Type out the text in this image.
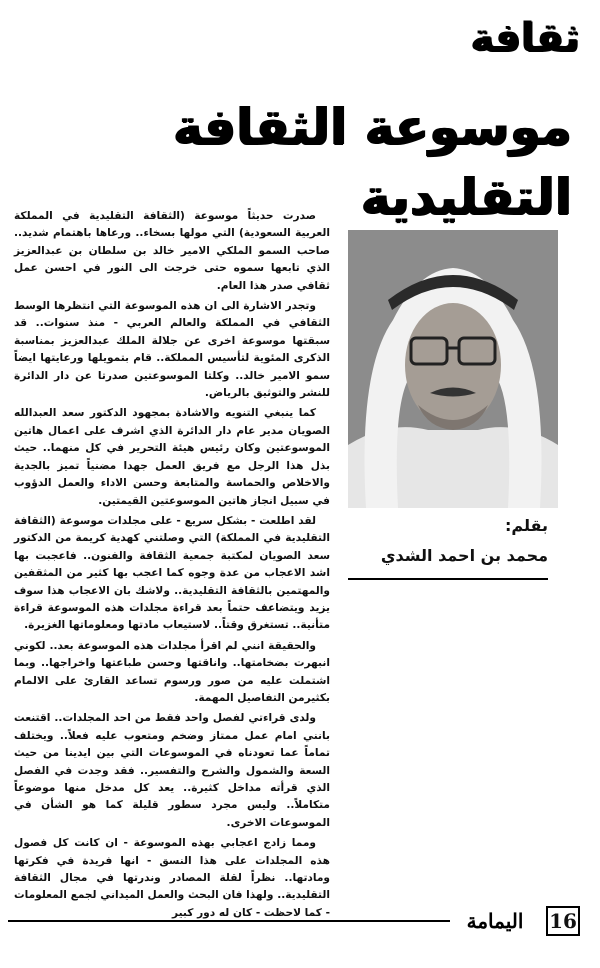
ثقافة
موسوعة الثقافة التقليدية
بقلم:
محمد بن احمد الشدي

صدرت حديثاً موسوعة (الثقافة التقليدية في المملكة العربية السعودية) التي مولها بسخاء.. ورعاها باهتمام شديد.. صاحب السمو الملكي الامير خالد بن سلطان بن عبدالعزيز الذي تابعها سموه حتى خرجت الى النور في احسن عمل ثقافي صدر هذا العام.

وتجدر الاشارة الى ان هذه الموسوعة التي انتظرها الوسط الثقافي في المملكة والعالم العربي - منذ سنوات.. قد سبقتها موسوعة اخرى عن جلالة الملك عبدالعزيز بمناسبة الذكرى المئوية لتأسيس المملكة.. قام بتمويلها ورعايتها ايضاً سمو الامير خالد.. وكلتا الموسوعتين صدرتا عن دار الدائرة للنشر والتوثيق بالرياض.

كما ينبغي التنويه والاشادة بمجهود الدكتور سعد العبدالله الصويان مدير عام دار الدائرة الذي اشرف على اعمال هاتين الموسوعتين وكان رئيس هيئة التحرير في كل منهما.. حيث بذل هذا الرجل مع فريق العمل جهدا مضنياً تميز بالجدية والاخلاص والحماسة والمتابعة وحسن الاداء والعمل الدؤوب في سبيل انجاز هاتين الموسوعتين القيمتين.

لقد اطلعت - بشكل سريع - على مجلدات موسوعة (الثقافة التقليدية في المملكة) التي وصلتني كهدية كريمة من الدكتور سعد الصويان لمكتبة جمعية الثقافة والفنون.. فاعجبت بها اشد الاعجاب من عدة وجوه كما اعجب بها كثير من المثقفين والمهتمين بالثقافة التقليدية.. ولاشك بان الاعجاب هذا سوف يزيد ويتضاعف حتماً بعد قراءة مجلدات هذه الموسوعة قراءة متأنية.. تستغرق وقتاً.. لاستيعاب مادتها ومعلوماتها الغزيرة.

والحقيقة انني لم اقرأ مجلدات هذه الموسوعة بعد.. لكوني انبهرت بضخامتها.. واناقتها وحسن طباعتها واخراجها.. وبما اشتملت عليه من صور ورسوم تساعد القارئ على الالمام بكثيرمن التفاصيل المهمة.

ولدى قراءتي لفصل واحد فقط من احد المجلدات.. اقتنعت بانني امام عمل ممتاز وضخم ومتعوب عليه فعلاً.. ويختلف تماماً عما تعودناه في الموسوعات التي بين ايدينا من حيث السعة والشمول والشرح والتفسير.. فقد وجدت في الفصل الذي قرأته مداخل كثيرة.. يعد كل مدخل منها موضوعاً متكاملاً.. وليس مجرد سطور قليلة كما هو الشأن في الموسوعات الاخرى.

ومما زادج اعجابي بهذه الموسوعة - ان كانت كل فصول هذه المجلدات على هذا النسق - انها فريدة في فكرتها ومادتها.. نظراً لقلة المصادر وندرتها في مجال الثقافة التقليدية.. ولهذا فان البحث والعمل الميداني لجمع المعلومات - كما لاحظت - كان له دور كبير	اليمامة	16
